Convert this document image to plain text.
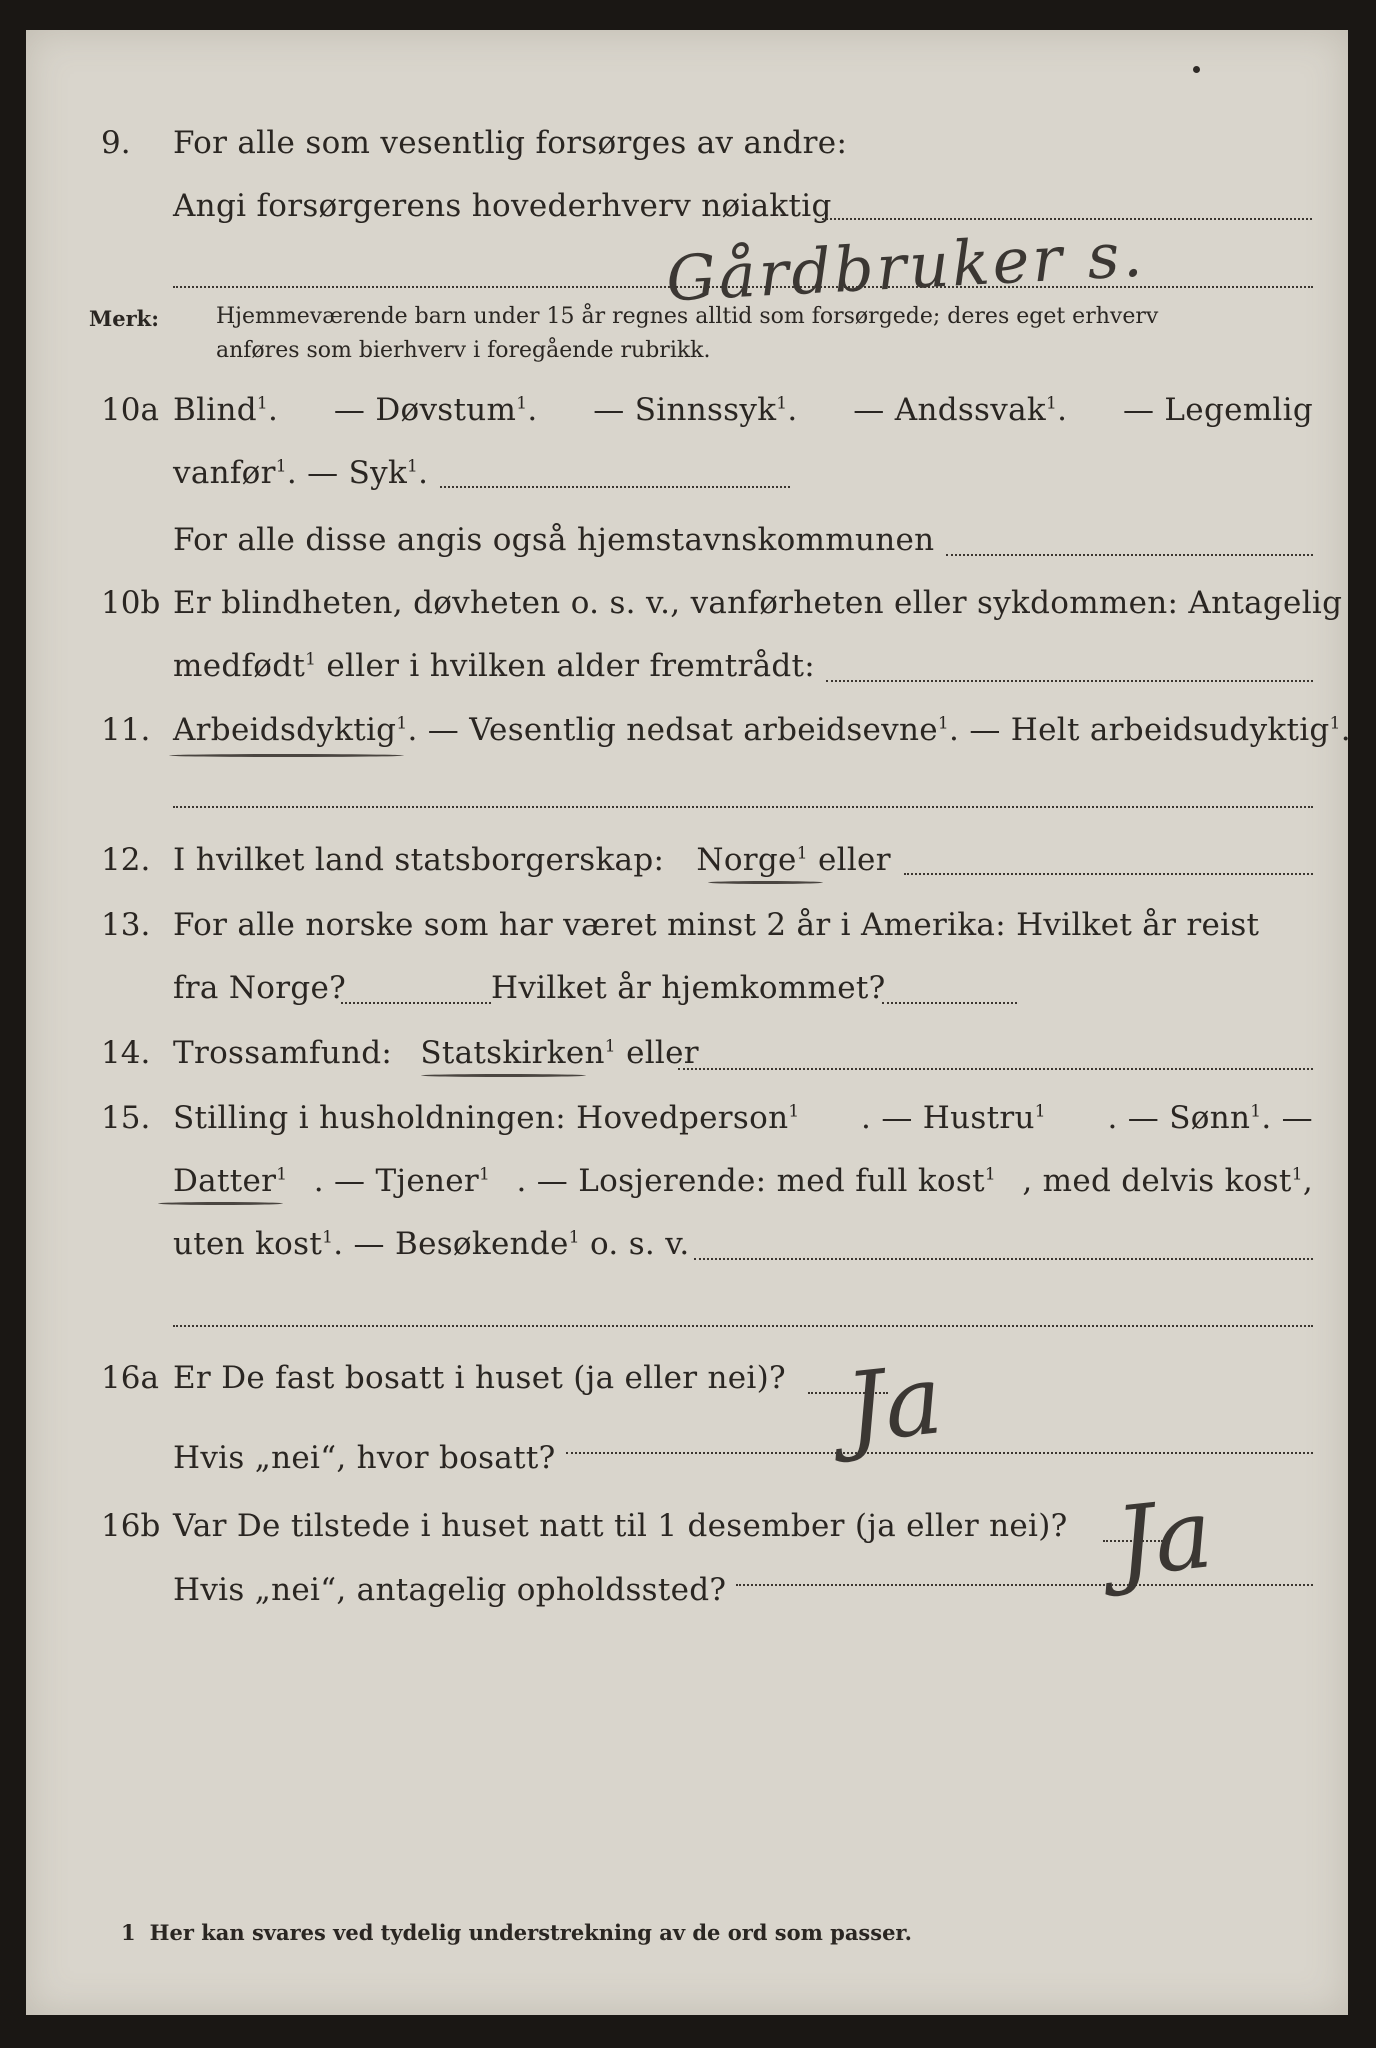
9. For alle som vesentlig forsørges av andre:
Angi forsørgerens hovederhverv nøiaktig
Gårdbruker s.
Merk:	Hjemmeværende barn under 15 år regnes alltid som forsørgede; deres eget erhverv
anføres som bierhverv i foregående rubrikk.
10a Blind$^1$. — Døvstum$^1$. — Sinnssyk$^1$. — Andssvak$^1$. — Legemlig
vanfør$^1$. — Syk$^1$.
For alle disse angis også hjemstavnskommunen
10b Er blindheten, døvheten o. s. v., vanførheten eller sykdommen: Antagelig
medfødt$^1$ eller i hvilken alder fremtrådt:
11. Arbeidsdyktig$^1$. — Vesentlig nedsat arbeidsevne$^1$. — Helt arbeidsudyktig$^1$.
12. I hvilket land statsborgerskap: Norge$^1$ eller
13. For alle norske som har været minst 2 år i Amerika: Hvilket år reist
fra Norge?	Hvilket år hjemkommet?
14. Trossamfund: Statskirken$^1$ eller
15. Stilling i husholdningen: Hovedperson$^1$ . — Hustru$^1$ . — Sønn$^1$. —
Datter$^1$ . — Tjener$^1$ . — Losjerende: med full kost$^1$ , med delvis kost$^1$,
uten kost$^1$. — Besøkende$^1$ o. s. v.
16a Er De fast bosatt i huset (ja eller nei)?
Hvis „nei“, hvor bosatt?	Ja
16b Var De tilstede i huset natt til 1 desember (ja eller nei)?
Hvis „nei“, antagelig opholdssted?	Ja
1 Her kan svares ved tydelig understrekning av de ord som passer.
